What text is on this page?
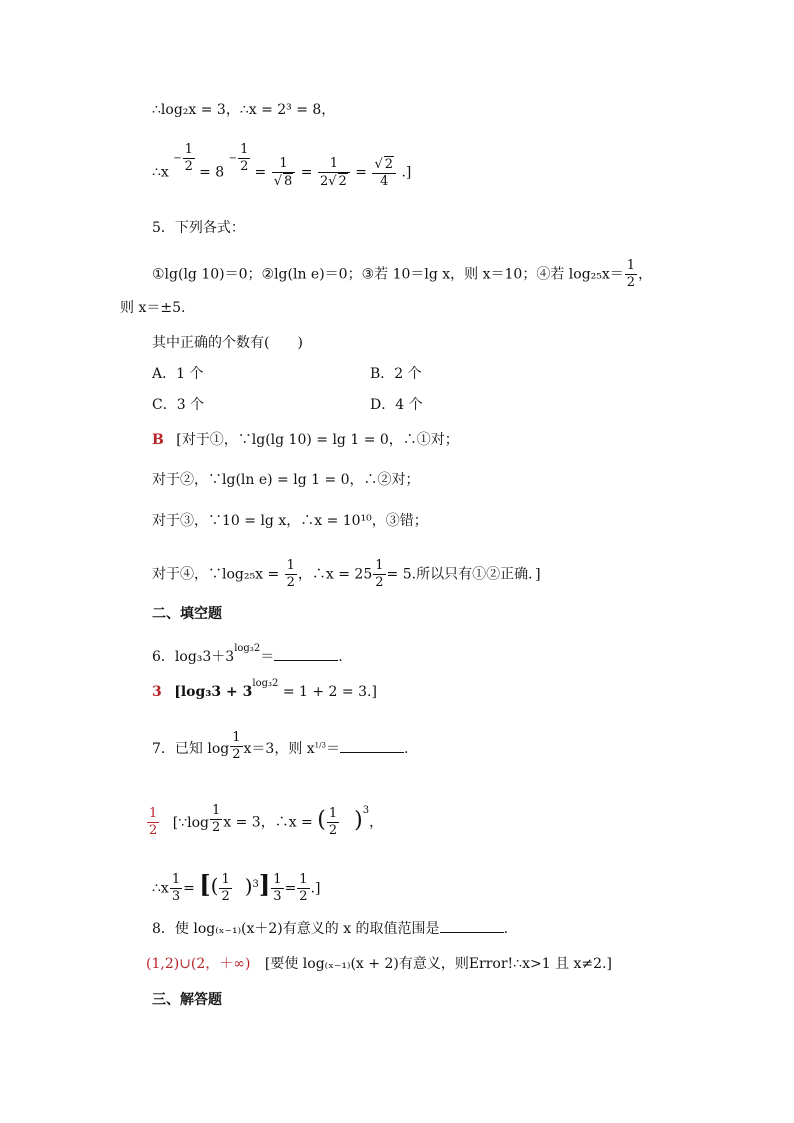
∴log₂x = 3，∴x = 2³ = 8，
∴x $^{- \frac{1}{2}}$ = 8 $^{- \frac{1}{2}} = \frac{1}{√ 8} = \frac{1}{2√ 2} = \frac{√ 2}{4}$ .]
5．下列各式：
①lg(lg 10)＝0；②lg(ln e)＝0；③若 10＝lg x，则 x＝10；④若 $\log_{25}x= \frac{1}{2}$ ，
则 x＝±5.
其中正确的个数有(　　)
A．1 个	B．2 个
C．3 个	D．4 个
B [对于①，∵lg(lg 10) = lg 1 = 0，∴①对；
对于②，∵lg(ln e) = lg 1 = 0，∴②对；
对于③，∵10 = lg x，∴x = 10¹⁰，③错；
对于④，∵log₂₅x = $\frac{1}{2}$ ，∴x = $25 \frac{1}{2} = 5$.所以只有①②正确．]
二、填空题
6．$\log_33+3^{log_32}=$	.
3 $[\log_33 + 3^{log_32} = 1 + 2 = 3.]$
7．已知 log $_{\frac{1}{2}}$ x＝3，则 $x^{1/3}=$	.
$\frac{1}{2}$ [∵log $_{\frac{1}{2}}$ x = 3，∴x = ( $\frac{1}{2} )^3$，
∴x $\frac{1}{3}$ = [( $\frac{1}{2} )^3] \frac{1}{3} = \frac{1}{2}$ .]
8．使 log₍ₓ₋₁₎(x＋2)有意义的 x 的取值范围是	.
(1,2)∪(2，＋∞) [要使 log₍ₓ₋₁₎(x + 2)有意义，则Error!∴x>1 且 x≠2.]
三、解答题
